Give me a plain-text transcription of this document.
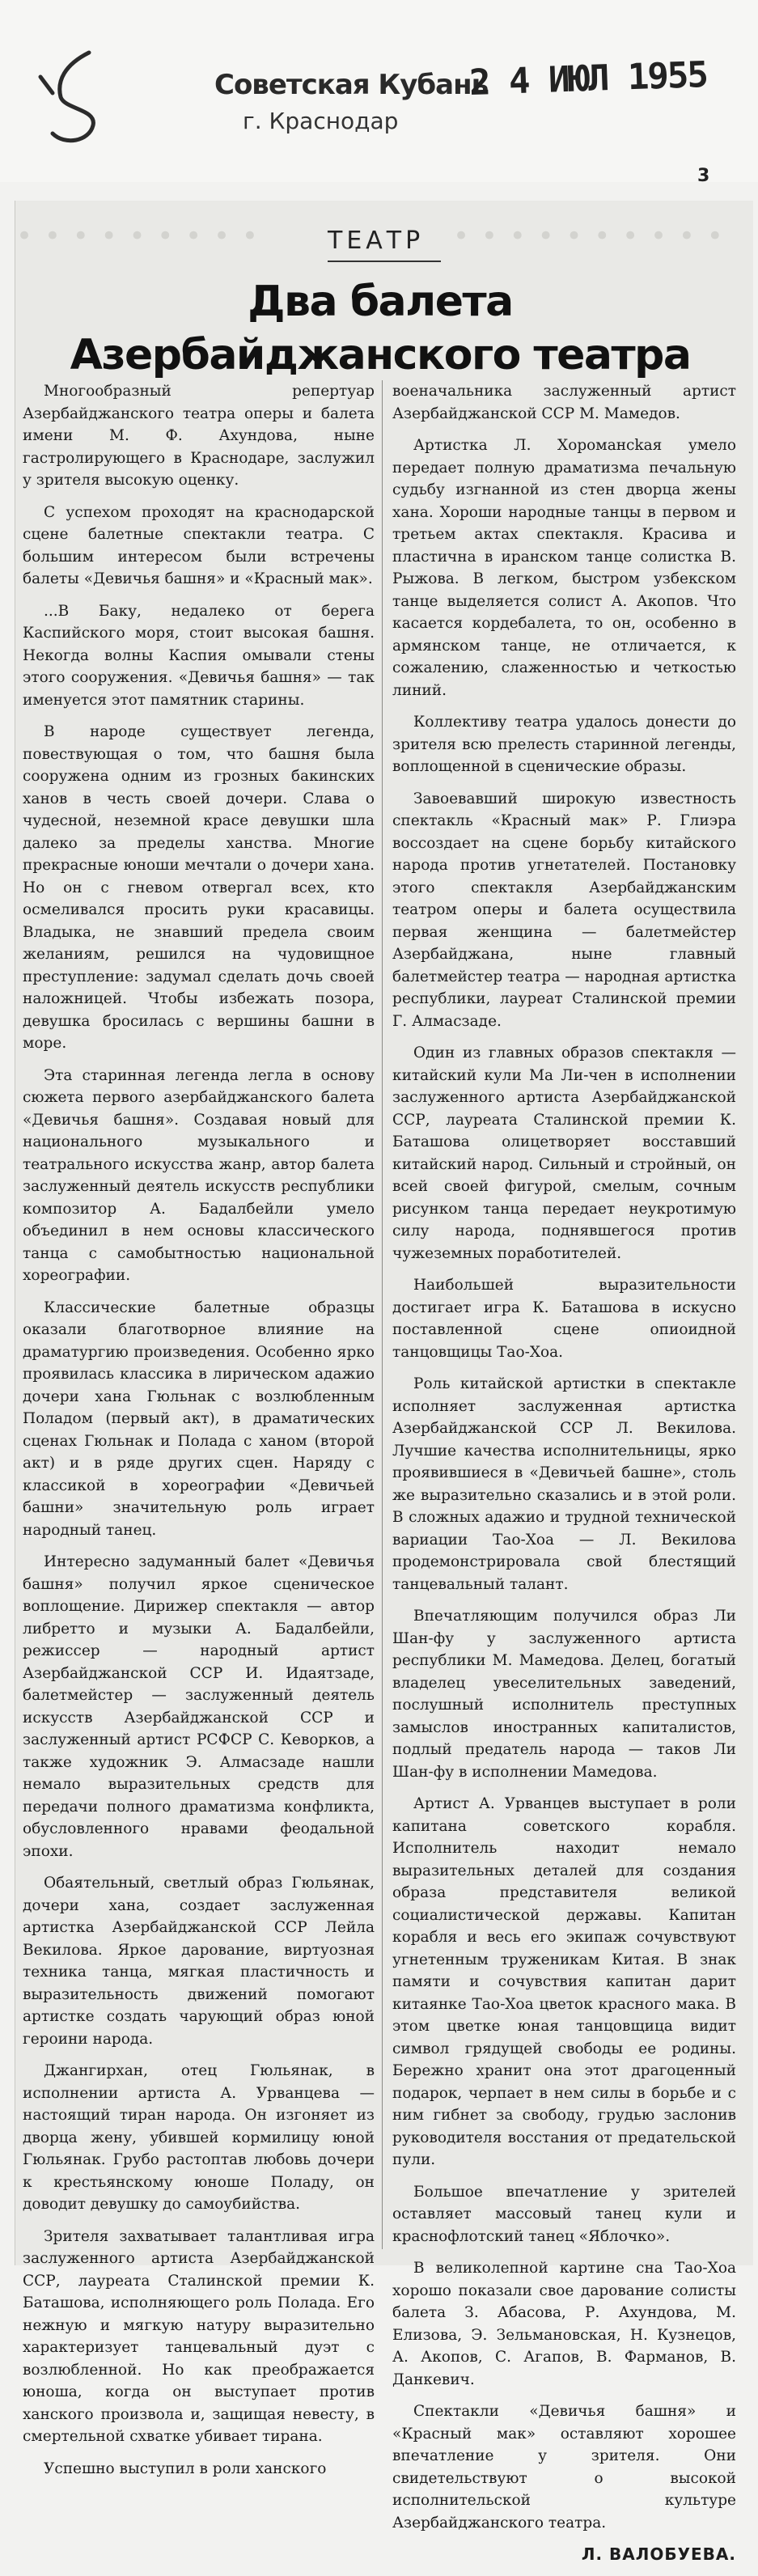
Советская Кубань

2 4 ИЮЛ 1955

г. Краснодар

3

• • • • • • • • •	• • • • • • • • • •

ТЕАТР

Два балета Азербайджанского театра

Многообразный репертуар Азербайджанского театра оперы и балета имени М. Ф. Ахундова, ныне гастролирующего в Краснодаре, заслужил у зрителя высокую оценку.

С успехом проходят на краснодарской сцене балетные спектакли театра. С большим интересом были встречены балеты «Девичья башня» и «Красный мак».

...В Баку, недалеко от берега Каспийского моря, стоит высокая башня. Некогда волны Каспия омывали стены этого сооружения. «Девичья башня» — так именуется этот памятник старины.

В народе существует легенда, повествующая о том, что башня была сооружена одним из грозных бакинских ханов в честь своей дочери. Слава о чудесной, неземной красе девушки шла далеко за пределы ханства. Многие прекрасные юноши мечтали о дочери хана. Но он с гневом отвергал всех, кто осмеливался просить руки красавицы. Владыка, не знавший предела своим желаниям, решился на чудовищное преступление: задумал сделать дочь своей наложницей. Чтобы избежать позора, девушка бросилась с вершины башни в море.

Эта старинная легенда легла в основу сюжета первого азербайджанского балета «Девичья башня». Создавая новый для национального музыкального и театрального искусства жанр, автор балета заслуженный деятель искусств республики композитор А. Бадалбейли умело объединил в нем основы классического танца с самобытностью национальной хореографии.

Классические балетные образцы оказали благотворное влияние на драматургию произведения. Особенно ярко проявилась классика в лирическом адажио дочери хана Гюльнак с возлюбленным Поладом (первый акт), в драматических сценах Гюльнак и Полада с ханом (второй акт) и в ряде других сцен. Наряду с классикой в хореографии «Девичьей башни» значительную роль играет народный танец.

Интересно задуманный балет «Девичья башня» получил яркое сценическое воплощение. Дирижер спектакля — автор либретто и музыки А. Бадалбейли, режиссер — народный артист Азербайджанской ССР И. Идаятзаде, балетмейстер — заслуженный деятель искусств Азербайджанской ССР и заслуженный артист РСФСР С. Кеворков, а также художник Э. Алмасзаде нашли немало выразительных средств для передачи полного драматизма конфликта, обусловленного нравами феодальной эпохи.

Обаятельный, светлый образ Гюльянак, дочери хана, создает заслуженная артистка Азербайджанской ССР Лейла Векилова. Яркое дарование, виртуозная техника танца, мягкая пластичность и выразительность движений помогают артистке создать чарующий образ юной героини народа.

Джангирхан, отец Гюльянак, в исполнении артиста А. Урванцева — настоящий тиран народа. Он изгоняет из дворца жену, убившей кормилицу юной Гюльянак. Грубо растоптав любовь дочери к крестьянскому юноше Поладу, он доводит девушку до самоубийства.

Зрителя захватывает талантливая игра заслуженного артиста Азербайджанской ССР, лауреата Сталинской премии К. Баташова, исполняющего роль Полада. Его нежную и мягкую натуру выразительно характеризует танцевальный дуэт с возлюбленной. Но как преображается юноша, когда он выступает против ханского произвола и, защищая невесту, в смертельной схватке убивает тирана.

Успешно выступил в роли ханского

военачальника заслуженный артист Азербайджанской ССР М. Мамедов.

Артистка Л. Хоромансkая умело передает полную драматизма печальную судьбу изгнанной из стен дворца жены хана. Хороши народные танцы в первом и третьем актах спектакля. Красива и пластична в иранском танце солистка В. Рыжова. В легком, быстром узбекском танце выделяется солист А. Акопов. Что касается кордебалета, то он, особенно в армянском танце, не отличается, к сожалению, слаженностью и четкостью линий.

Коллективу театра удалось донести до зрителя всю прелесть старинной легенды, воплощенной в сценические образы.

Завоевавший широкую известность спектакль «Красный мак» Р. Глиэра воссоздает на сцене борьбу китайского народа против угнетателей. Постановку этого спектакля Азербайджанским театром оперы и балета осуществила первая женщина — балетмейстер Азербайджана, ныне главный балетмейстер театра — народная артистка республики, лауреат Сталинской премии Г. Алмасзаде.

Один из главных образов спектакля — китайский кули Ма Ли-чен в исполнении заслуженного артиста Азербайджанской ССР, лауреата Сталинской премии К. Баташова олицетворяет восставший китайский народ. Сильный и стройный, он всей своей фигурой, смелым, сочным рисунком танца передает неукротимую силу народа, поднявшегося против чужеземных поработителей.

Наибольшей выразительности достигает игра К. Баташова в искусно поставленной сцене опиоидной танцовщицы Тао-Хоа.

Роль китайской артистки в спектакле исполняет заслуженная артистка Азербайджанской ССР Л. Векилова. Лучшие качества исполнительницы, ярко проявившиеся в «Девичьей башне», столь же выразительно сказались и в этой роли. В сложных адажио и трудной технической вариации Тао-Хоа — Л. Векилова продемонстрировала свой блестящий танцевальный талант.

Впечатляющим получился образ Ли Шан-фу у заслуженного артиста республики М. Мамедова. Делец, богатый владелец увеселительных заведений, послушный исполнитель преступных замыслов иностранных капиталистов, подлый предатель народа — таков Ли Шан-фу в исполнении Мамедова.

Артист А. Урванцев выступает в роли капитана советского корабля. Исполнитель находит немало выразительных деталей для создания образа представителя великой социалистической державы. Капитан корабля и весь его экипаж сочувствуют угнетенным труженикам Китая. В знак памяти и сочувствия капитан дарит китаянке Тао-Хоа цветок красного мака. В этом цветке юная танцовщица видит символ грядущей свободы ее родины. Бережно хранит она этот драгоценный подарок, черпает в нем силы в борьбе и с ним гибнет за свободу, грудью заслонив руководителя восстания от предательской пули.

Большое впечатление у зрителей оставляет массовый танец кули и краснофлотский танец «Яблочко».

В великолепной картине сна Тао-Хоа хорошо показали свое дарование солисты балета З. Абасова, Р. Ахундова, М. Елизова, Э. Зельмановская, Н. Кузнецов, А. Акопов, С. Агапов, В. Фарманов, В. Данкевич.

Спектакли «Девичья башня» и «Красный мак» оставляют хорошее впечатление у зрителя. Они свидетельствуют о высокой исполнительской культуре Азербайджанского театра.

Л. ВАЛОБУЕВА.
